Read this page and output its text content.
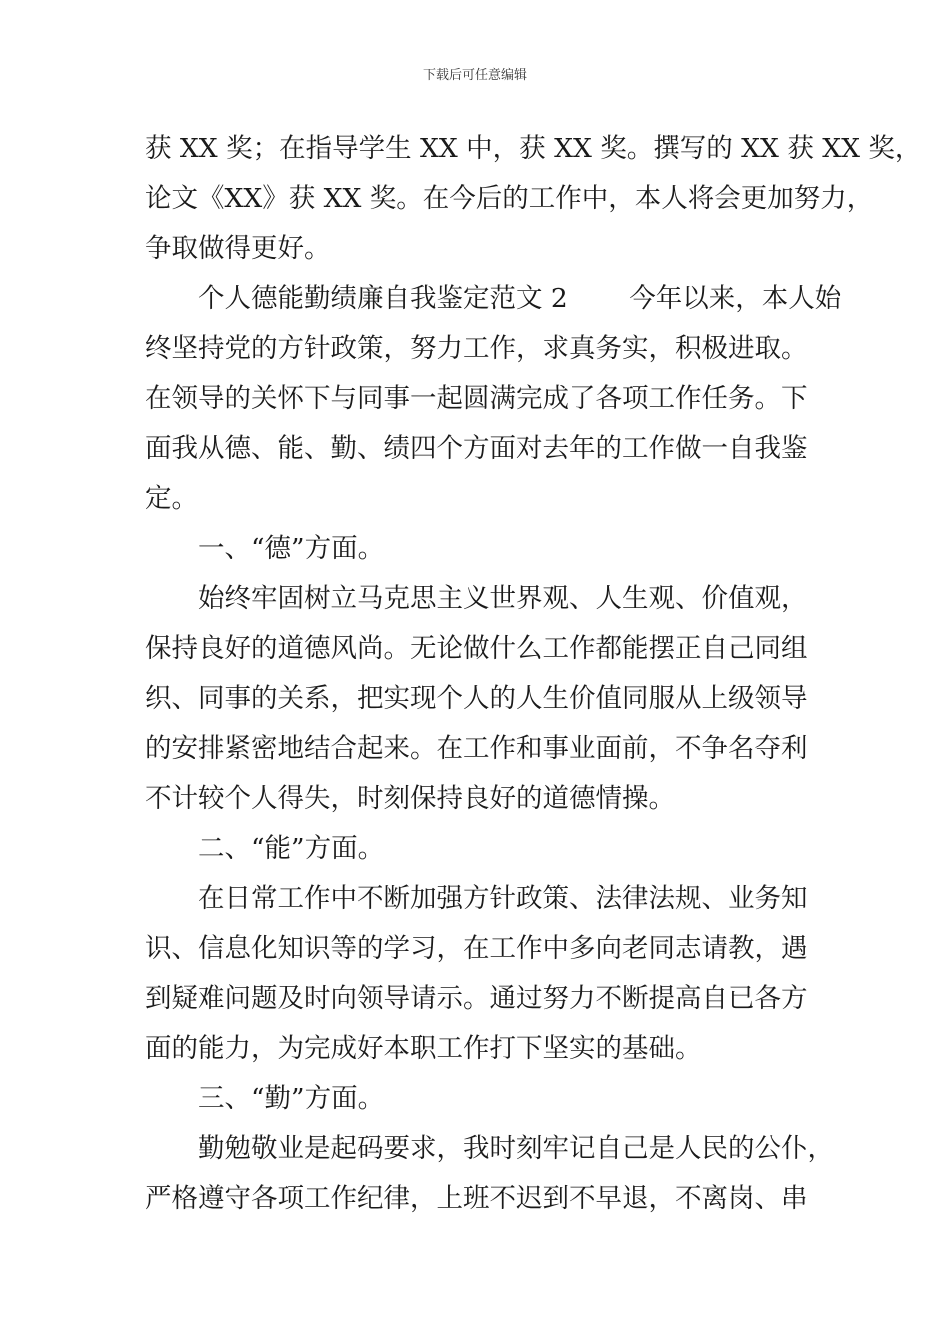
下载后可任意编辑
获 XX 奖；在指导学生 XX 中，获 XX 奖。撰写的 XX 获 XX 奖，
论文《XX》获 XX 奖。在今后的工作中，本人将会更加努力，
争取做得更好。
　　个人德能勤绩廉自我鉴定范文 2　　 今年以来，本人始
终坚持党的方针政策，努力工作，求真务实，积极进取。
在领导的关怀下与同事一起圆满完成了各项工作任务。下
面我从德、能、勤、绩四个方面对去年的工作做一自我鉴
定。
　　一、“德”方面。
　　始终牢固树立马克思主义世界观、人生观、价值观，
保持良好的道德风尚。无论做什么工作都能摆正自己同组
织、同事的关系，把实现个人的人生价值同服从上级领导
的安排紧密地结合起来。在工作和事业面前，不争名夺利
不计较个人得失，时刻保持良好的道德情操。
　　二、“能”方面。
　　在日常工作中不断加强方针政策、法律法规、业务知
识、信息化知识等的学习，在工作中多向老同志请教，遇
到疑难问题及时向领导请示。通过努力不断提高自已各方
面的能力，为完成好本职工作打下坚实的基础。
　　三、“勤”方面。
　　勤勉敬业是起码要求，我时刻牢记自己是人民的公仆，
严格遵守各项工作纪律，上班不迟到不早退，不离岗、串
